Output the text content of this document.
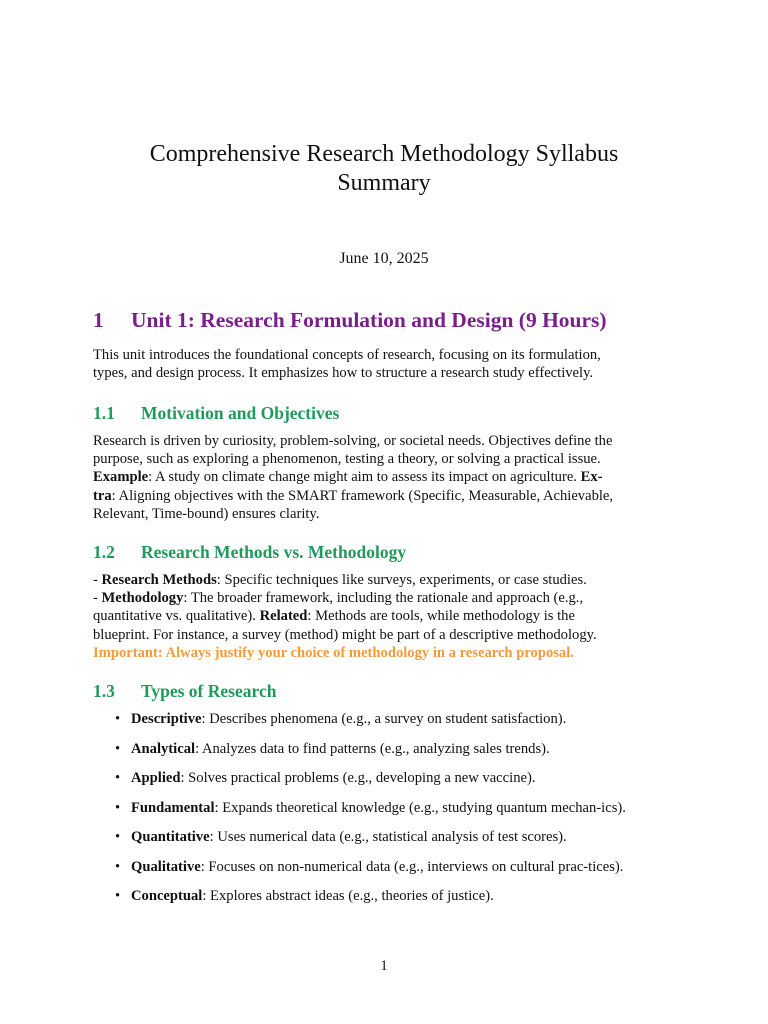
Comprehensive Research Methodology Syllabus
Summary
June 10, 2025
1 Unit 1: Research Formulation and Design (9 Hours)
This unit introduces the foundational concepts of research, focusing on its formulation,
types, and design process. It emphasizes how to structure a research study effectively.
1.1 Motivation and Objectives
Research is driven by curiosity, problem-solving, or societal needs. Objectives define the
purpose, such as exploring a phenomenon, testing a theory, or solving a practical issue.
Example: A study on climate change might aim to assess its impact on agriculture. Ex-
tra: Aligning objectives with the SMART framework (Specific, Measurable, Achievable,
Relevant, Time-bound) ensures clarity.
1.2 Research Methods vs. Methodology
- Research Methods: Specific techniques like surveys, experiments, or case studies.
- Methodology: The broader framework, including the rationale and approach (e.g.,
quantitative vs. qualitative). Related: Methods are tools, while methodology is the
blueprint. For instance, a survey (method) might be part of a descriptive methodology.
Important: Always justify your choice of methodology in a research proposal.
1.3 Types of Research
• Descriptive: Describes phenomena (e.g., a survey on student satisfaction).
• Analytical: Analyzes data to find patterns (e.g., analyzing sales trends).
• Applied: Solves practical problems (e.g., developing a new vaccine).
• Fundamental: Expands theoretical knowledge (e.g., studying quantum mechan-ics).
• Quantitative: Uses numerical data (e.g., statistical analysis of test scores).
• Qualitative: Focuses on non-numerical data (e.g., interviews on cultural prac-tices).
• Conceptual: Explores abstract ideas (e.g., theories of justice).
1
